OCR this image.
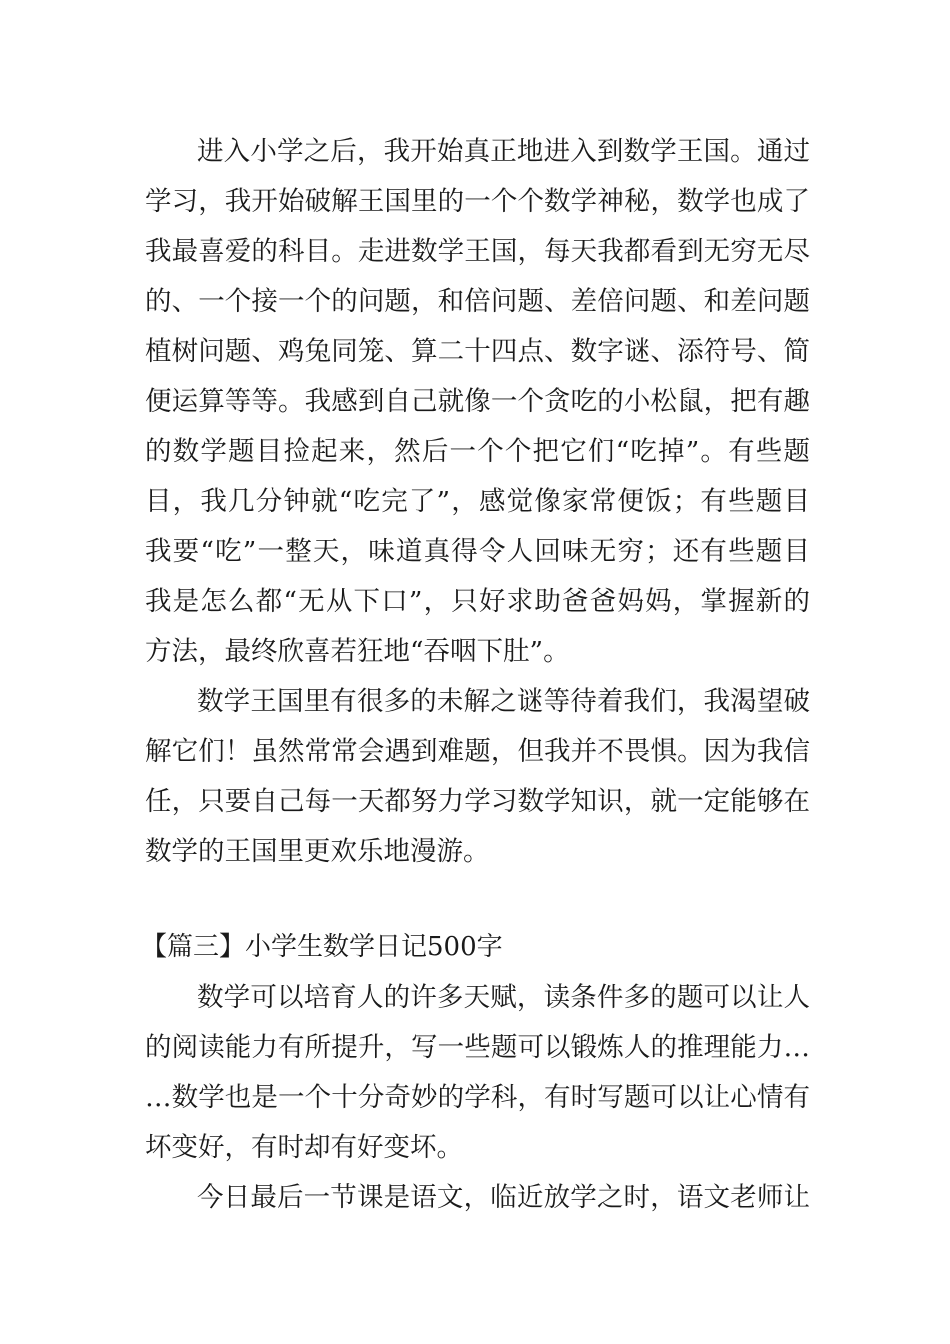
进入小学之后，我开始真正地进入到数学王国。通过
学习，我开始破解王国里的一个个数学神秘，数学也成了
我最喜爱的科目。走进数学王国，每天我都看到无穷无尽
的、一个接一个的问题，和倍问题、差倍问题、和差问题
植树问题、鸡兔同笼、算二十四点、数字谜、添符号、简
便运算等等。我感到自己就像一个贪吃的小松鼠，把有趣
的数学题目捡起来，然后一个个把它们“吃掉”。有些题
目，我几分钟就“吃完了”，感觉像家常便饭；有些题目
我要“吃”一整天，味道真得令人回味无穷；还有些题目
我是怎么都“无从下口”，只好求助爸爸妈妈，掌握新的
方法，最终欣喜若狂地“吞咽下肚”。
数学王国里有很多的未解之谜等待着我们，我渴望破
解它们！虽然常常会遇到难题，但我并不畏惧。因为我信
任，只要自己每一天都努力学习数学知识，就一定能够在
数学的王国里更欢乐地漫游。
【篇三】小学生数学日记500字
数学可以培育人的许多天赋，读条件多的题可以让人
的阅读能力有所提升，写一些题可以锻炼人的推理能力…
…数学也是一个十分奇妙的学科，有时写题可以让心情有
坏变好，有时却有好变坏。
今日最后一节课是语文，临近放学之时，语文老师让
